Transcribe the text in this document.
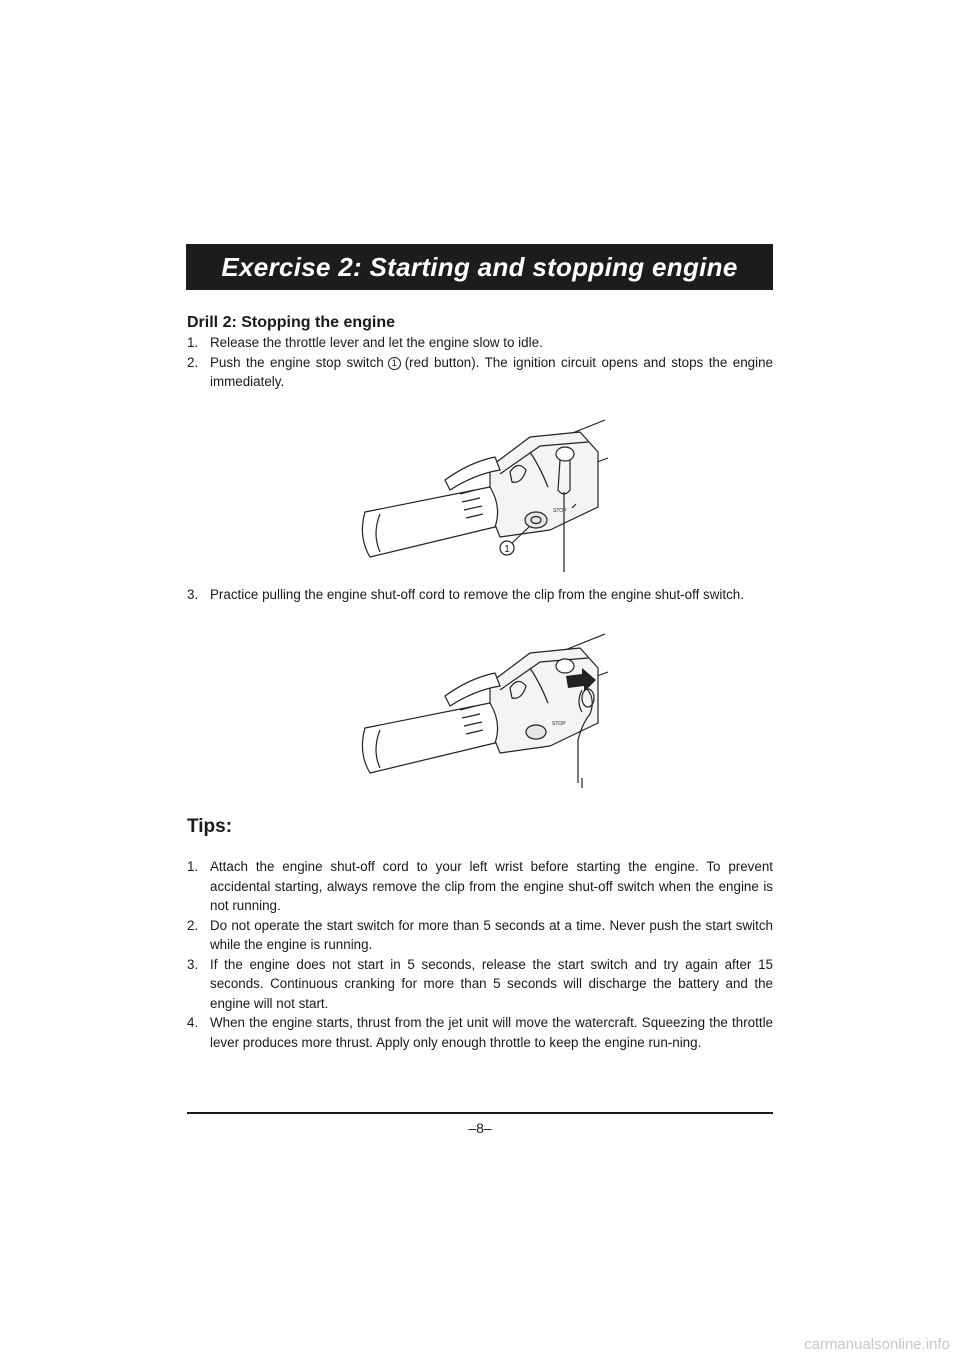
Exercise 2: Starting and stopping engine
Drill 2: Stopping the engine
1. Release the throttle lever and let the engine slow to idle.
2. Push the engine stop switch 1 (red button). The ignition circuit opens and stops the engine immediately.
1
STOP
3. Practice pulling the engine shut-off cord to remove the clip from the engine shut-off switch.
STOP
Tips:
1. Attach the engine shut-off cord to your left wrist before starting the engine. To prevent accidental starting, always remove the clip from the engine shut-off switch when the engine is not running.
2. Do not operate the start switch for more than 5 seconds at a time. Never push the start switch while the engine is running.
3. If the engine does not start in 5 seconds, release the start switch and try again after 15 seconds. Continuous cranking for more than 5 seconds will discharge the battery and the engine will not start.
4. When the engine starts, thrust from the jet unit will move the watercraft. Squeezing the throttle lever produces more thrust. Apply only enough throttle to keep the engine run-ning.
–8–
carmanualsonline.info
